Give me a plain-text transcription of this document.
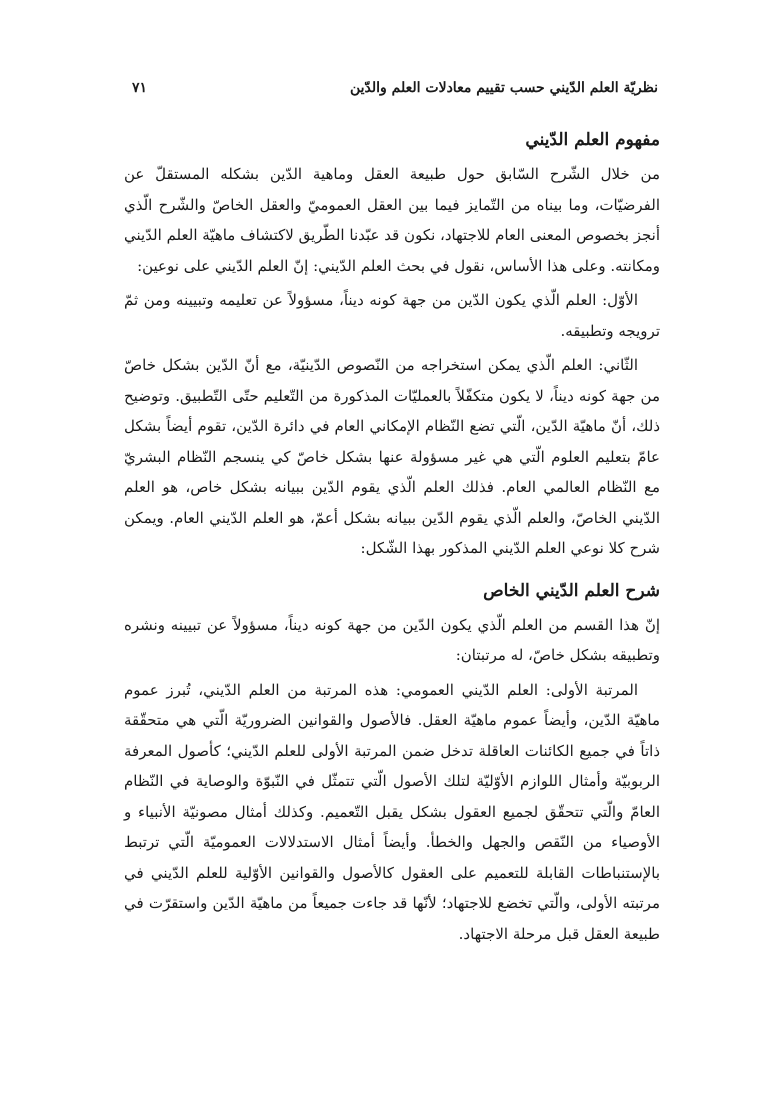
نظريّة العلم الدّيني حسب تقييم معادلات العلم والدّين
٧١
مفهوم العلم الدّيني

من خلال الشّرح السّابق حول طبيعة العقل وماهية الدّين بشكله المستقلّ عن الفرضيّات، وما بيناه من التّمايز فيما بين العقل العموميّ والعقل الخاصّ والشّرح الّذي أنجز بخصوص المعنى العام للاجتهاد، نكون قد عبّدنا الطّريق لاكتشاف ماهيّة العلم الدّيني ومكانته. وعلى هذا الأساس، نقول في بحث العلم الدّيني: إنّ العلم الدّيني على نوعين:

الأوّل: العلم الّذي يكون الدّين من جهة كونه ديناً، مسؤولاً عن تعليمه وتبيينه ومن ثمّ ترويجه وتطبيقه.

الثّاني: العلم الّذي يمكن استخراجه من النّصوص الدّينيّة، مع أنّ الدّين بشكل خاصّ من جهة كونه ديناً، لا يكون متكفّلاً بالعمليّات المذكورة من التّعليم حتّى التّطبيق. وتوضيح ذلك، أنّ ماهيّة الدّين، الّتي تضع النّظام الإمكاني العام في دائرة الدّين، تقوم أيضاً بشكل عامّ بتعليم العلوم الّتي هي غير مسؤولة عنها بشكل خاصّ كي ينسجم النّظام البشريّ مع النّظام العالمي العام. فذلك العلم الّذي يقوم الدّين ببيانه بشكل خاص، هو العلم الدّيني الخاصّ، والعلم الّذي يقوم الدّين ببيانه بشكل أعمّ، هو العلم الدّيني العام. ويمكن شرح كلا نوعي العلم الدّيني المذكور بهذا الشّكل:

شرح العلم الدّيني الخاص

إنّ هذا القسم من العلم الّذي يكون الدّين من جهة كونه ديناً، مسؤولاً عن تبيينه ونشره وتطبيقه بشكل خاصّ، له مرتبتان:

المرتبة الأولى: العلم الدّيني العمومي: هذه المرتبة من العلم الدّيني، تُبرز عموم ماهيّة الدّين، وأيضاً عموم ماهيّة العقل. فالأصول والقوانين الضروريّة الّتي هي متحقّقة ذاتاً في جميع الكائنات العاقلة تدخل ضمن المرتبة الأولى للعلم الدّيني؛ كأصول المعرفة الربوبيّة وأمثال اللوازم الأوّليّة لتلك الأصول الّتي تتمثّل في النّبوّة والوصاية في النّظام العامّ والّتي تتحقّق لجميع العقول بشكل يقبل التّعميم. وكذلك أمثال مصونيّة الأنبياء و الأوصياء من النّقص والجهل والخطأ. وأيضاً أمثال الاستدلالات العموميّة الّتي ترتبط بالإستنباطات القابلة للتعميم على العقول كالأصول والقوانين الأوّلية للعلم الدّيني في مرتبته الأولى، والّتي تخضع للاجتهاد؛ لأنّها قد جاءت جميعاً من ماهيّة الدّين واستقرّت في طبيعة العقل قبل مرحلة الاجتهاد.
